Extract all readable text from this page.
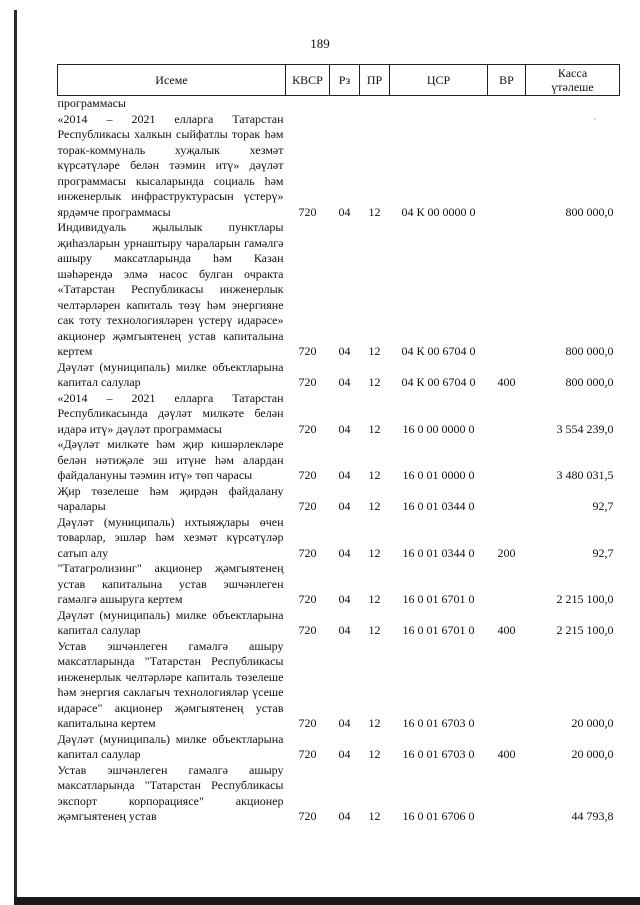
189
,
Исеме	КВСР	Рз	ПР	ЦСР	ВР	Касса
үтәлеше

программасы						
«2014 – 2021 елларга Татарстан Республикасы халкын сыйфатлы торак һәм торак-коммуналь хуҗалык хезмәт күрсәтүләре белән тәэмин итү» дәүләт программасы кысаларында социаль һәм инженерлык инфраструктурасын үстерү» ярдәмче программасы	720	04	12	04 К 00 0000 0		800 000,0
Индивидуаль җылылык пунктлары җиһазларын урнаштыру чараларын гамәлгә ашыру максатларында һәм Казан шәһәрендә элмә насос булган очракта «Татарстан Республикасы инженерлык челтәрләрен капиталь төзү һәм энергияне сак тоту технологияләрен үстерү идарәсе» акционер җәмгыятенең устав капиталына кертем	720	04	12	04 К 00 6704 0		800 000,0
Дәүләт (муниципаль) милке объектларына капитал салулар	720	04	12	04 К 00 6704 0	400	800 000,0
«2014 – 2021 елларга Татарстан Республикасында дәүләт милкәте белән идарә итү» дәүләт программасы	720	04	12	16 0 00 0000 0		3 554 239,0
«Дәүләт милкәте һәм җир кишәрлекләре белән нәтиҗәле эш итүне һәм алардан файдалануны тәэмин итү» төп чарасы	720	04	12	16 0 01 0000 0		3 480 031,5
Җир төзелеше һәм җирдән файдалану чаралары	720	04	12	16 0 01 0344 0		92,7
Дәүләт (муниципаль) ихтыяҗлары өчен товарлар, эшләр һәм хезмәт күрсәтүләр сатып алу	720	04	12	16 0 01 0344 0	200	92,7
"Татагролизинг" акционер җәмгыятенең устав капиталына устав эшчәнлеген гамәлгә ашыруга кертем	720	04	12	16 0 01 6701 0		2 215 100,0
Дәүләт (муниципаль) милке объектларына капитал салулар	720	04	12	16 0 01 6701 0	400	2 215 100,0
Устав эшчәнлеген гамәлгә ашыру максатларында "Татарстан Республикасы инженерлык челтәрләре капиталь төзелеше һәм энергия саклагыч технологияләр үсеше идарәсе" акционер җәмгыятенең устав капиталына кертем	720	04	12	16 0 01 6703 0		20 000,0
Дәүләт (муниципаль) милке объектларына капитал салулар	720	04	12	16 0 01 6703 0	400	20 000,0
Устав эшчәнлеген гамәлгә ашыру максатларында "Татарстан Республикасы экспорт корпорациясе" акционер җәмгыятенең устав	720	04	12	16 0 01 6706 0		44 793,8
